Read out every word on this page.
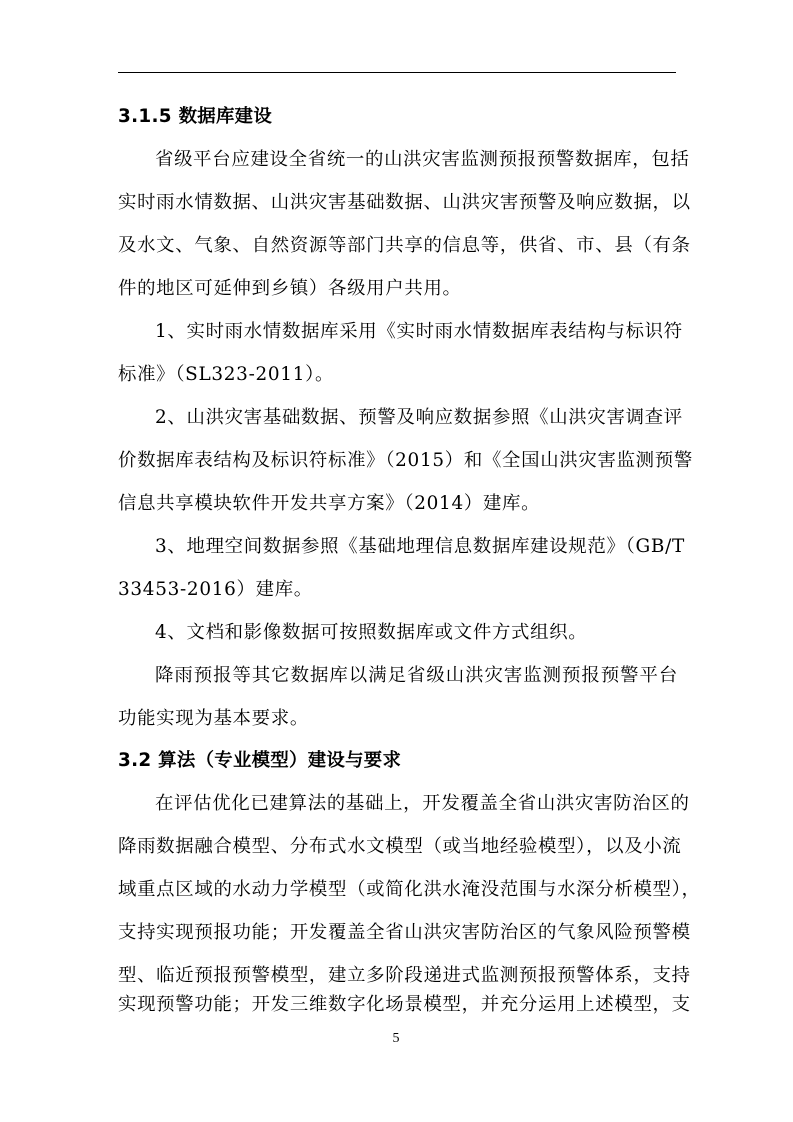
3.1.5 数据库建设
省级平台应建设全省统一的山洪灾害监测预报预警数据库，包括
实时雨水情数据、山洪灾害基础数据、山洪灾害预警及响应数据，以
及水文、气象、自然资源等部门共享的信息等，供省、市、县（有条
件的地区可延伸到乡镇）各级用户共用。
1、实时雨水情数据库采用《实时雨水情数据库表结构与标识符
标准》（SL323-2011）。
2、山洪灾害基础数据、预警及响应数据参照《山洪灾害调查评
价数据库表结构及标识符标准》（2015）和《全国山洪灾害监测预警
信息共享模块软件开发共享方案》（2014）建库。
3、地理空间数据参照《基础地理信息数据库建设规范》（GB/T
33453-2016）建库。
4、文档和影像数据可按照数据库或文件方式组织。
降雨预报等其它数据库以满足省级山洪灾害监测预报预警平台
功能实现为基本要求。
3.2 算法（专业模型）建设与要求
在评估优化已建算法的基础上，开发覆盖全省山洪灾害防治区的
降雨数据融合模型、分布式水文模型（或当地经验模型），以及小流
域重点区域的水动力学模型（或简化洪水淹没范围与水深分析模型），
支持实现预报功能；开发覆盖全省山洪灾害防治区的气象风险预警模
型、临近预报预警模型，建立多阶段递进式监测预报预警体系，支持
实现预警功能；开发三维数字化场景模型，并充分运用上述模型，支
5
